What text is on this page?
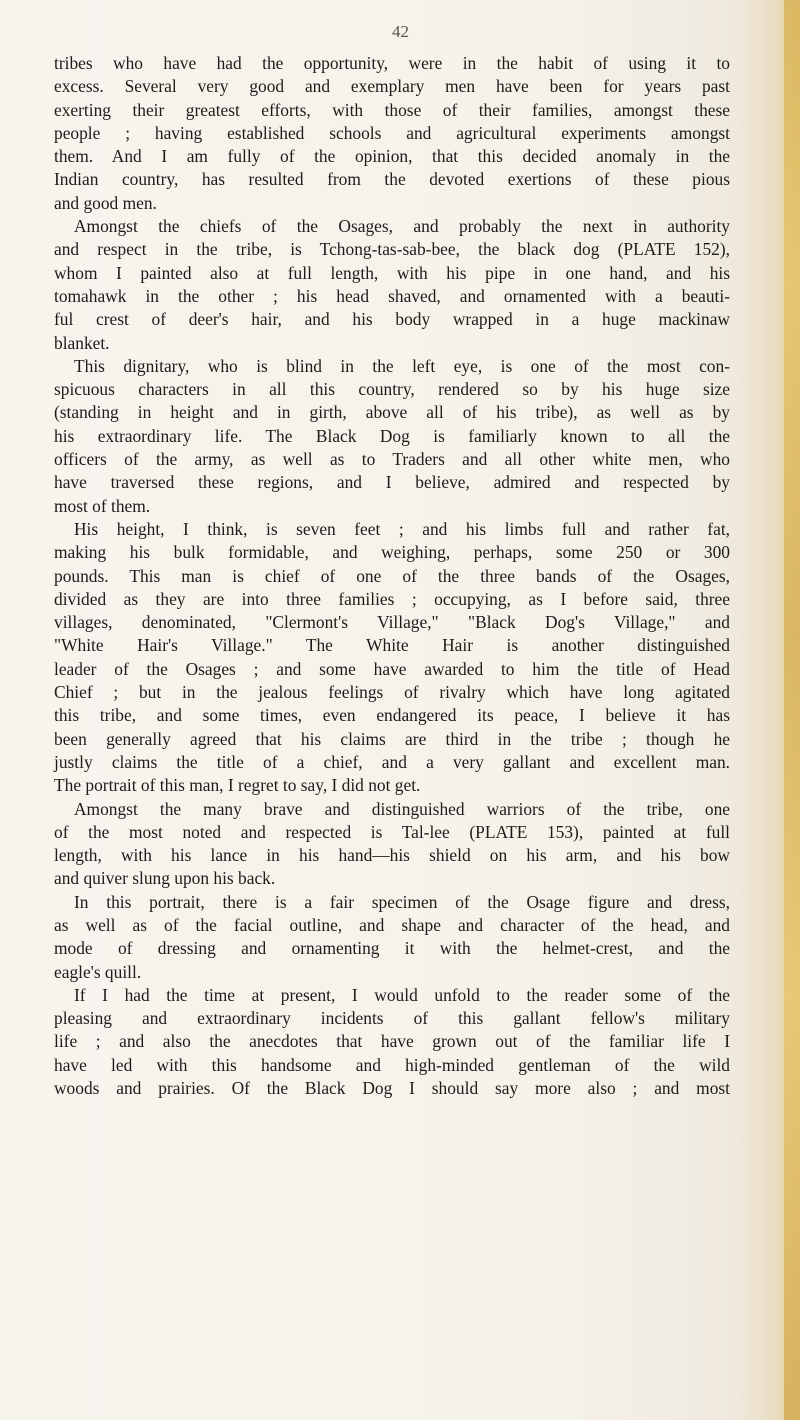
42
tribes who have had the opportunity, were in the habit of using it to
excess. Several very good and exemplary men have been for years past
exerting their greatest efforts, with those of their families, amongst these
people ; having established schools and agricultural experiments amongst
them. And I am fully of the opinion, that this decided anomaly in the
Indian country, has resulted from the devoted exertions of these pious
and good men.
Amongst the chiefs of the Osages, and probably the next in authority
and respect in the tribe, is Tchong-tas-sab-bee, the black dog (PLATE 152),
whom I painted also at full length, with his pipe in one hand, and his
tomahawk in the other ; his head shaved, and ornamented with a beauti-
ful crest of deer's hair, and his body wrapped in a huge mackinaw
blanket.
This dignitary, who is blind in the left eye, is one of the most con-
spicuous characters in all this country, rendered so by his huge size
(standing in height and in girth, above all of his tribe), as well as by
his extraordinary life. The Black Dog is familiarly known to all the
officers of the army, as well as to Traders and all other white men, who
have traversed these regions, and I believe, admired and respected by
most of them.
His height, I think, is seven feet ; and his limbs full and rather fat,
making his bulk formidable, and weighing, perhaps, some 250 or 300
pounds. This man is chief of one of the three bands of the Osages,
divided as they are into three families ; occupying, as I before said, three
villages, denominated, "Clermont's Village," "Black Dog's Village," and
"White Hair's Village." The White Hair is another distinguished
leader of the Osages ; and some have awarded to him the title of Head
Chief ; but in the jealous feelings of rivalry which have long agitated
this tribe, and some times, even endangered its peace, I believe it has
been generally agreed that his claims are third in the tribe ; though he
justly claims the title of a chief, and a very gallant and excellent man.
The portrait of this man, I regret to say, I did not get.
Amongst the many brave and distinguished warriors of the tribe, one
of the most noted and respected is Tal-lee (PLATE 153), painted at full
length, with his lance in his hand—his shield on his arm, and his bow
and quiver slung upon his back.
In this portrait, there is a fair specimen of the Osage figure and dress,
as well as of the facial outline, and shape and character of the head, and
mode of dressing and ornamenting it with the helmet-crest, and the
eagle's quill.
If I had the time at present, I would unfold to the reader some of the
pleasing and extraordinary incidents of this gallant fellow's military
life ; and also the anecdotes that have grown out of the familiar life I
have led with this handsome and high-minded gentleman of the wild
woods and prairies. Of the Black Dog I should say more also ; and most
